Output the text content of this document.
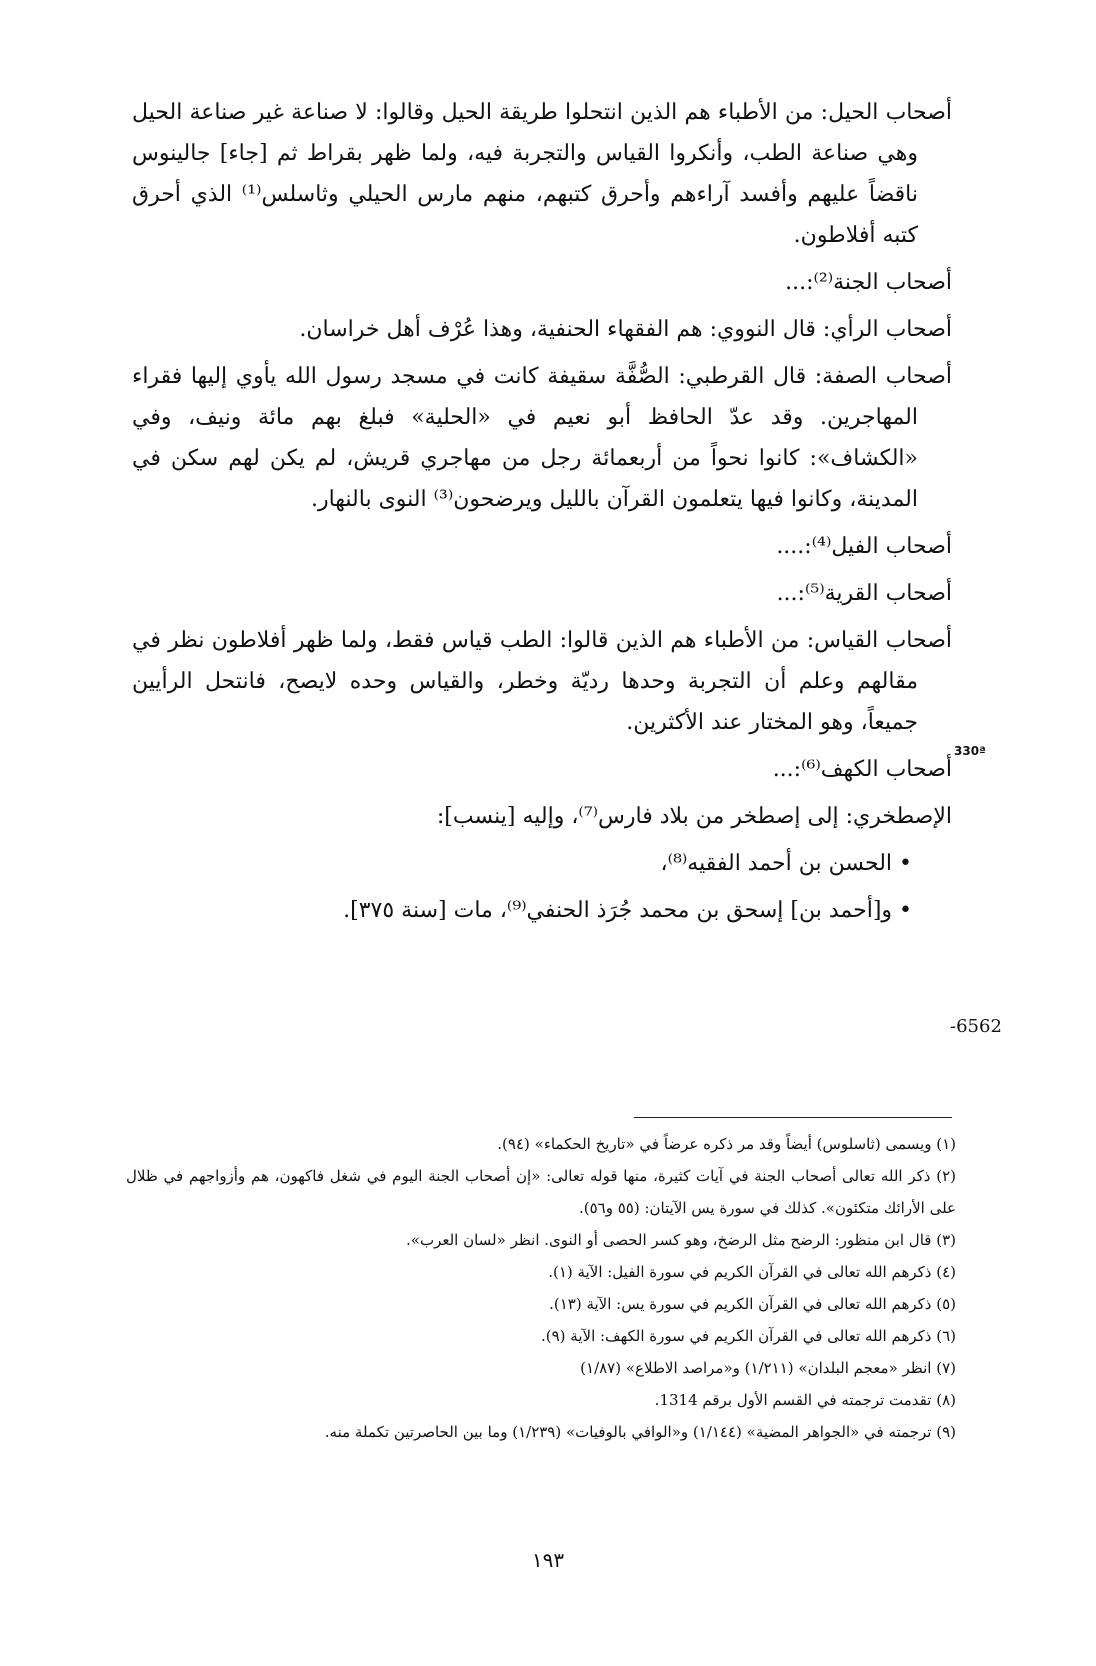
أصحاب الحيل: من الأطباء هم الذين انتحلوا طريقة الحيل وقالوا: لا صناعة غير صناعة الحيل وهي صناعة الطب، وأنكروا القياس والتجربة فيه، ولما ظهر بقراط ثم [جاء] جالينوس ناقضاً عليهم وأفسد آراءهم وأحرق كتبهم، منهم مارس الحيلي وثاسلس⁽¹⁾ الذي أحرق كتبه أفلاطون.

أصحاب الجنة⁽²⁾:...

أصحاب الرأي: قال النووي: هم الفقهاء الحنفية، وهذا عُرْف أهل خراسان.

أصحاب الصفة: قال القرطبي: الصُّفَّة سقيفة كانت في مسجد رسول الله يأوي إليها فقراء المهاجرين. وقد عدّ الحافظ أبو نعيم في «الحلية» فبلغ بهم مائة ونيف، وفي «الكشاف»: كانوا نحواً من أربعمائة رجل من مهاجري قريش، لم يكن لهم سكن في المدينة، وكانوا فيها يتعلمون القرآن بالليل ويرضحون⁽³⁾ النوى بالنهار.

أصحاب الفيل⁽⁴⁾:....

أصحاب القرية⁽⁵⁾:...

أصحاب القياس: من الأطباء هم الذين قالوا: الطب قياس فقط، ولما ظهر أفلاطون نظر في مقالهم وعلم أن التجربة وحدها رديّة وخطر، والقياس وحده لايصح، فانتحل الرأيين جميعاً، وهو المختار عند الأكثرين.

أصحاب الكهف⁽⁶⁾:...

الإصطخري: إلى إصطخر من بلاد فارس⁽⁷⁾، وإليه [ينسب]:

• الحسن بن أحمد الفقيه⁽⁸⁾،

• و[أحمد بن] إسحق بن محمد جُرَذ الحنفي⁽⁹⁾، مات [سنة ٣٧٥].

330ª
-6562

(١) ويسمى (ثاسلوس) أيضاً وقد مر ذكره عرضاً في «تاريخ الحكماء» (٩٤).

(٢) ذكر الله تعالى أصحاب الجنة في آيات كثيرة، منها قوله تعالى: «إن أصحاب الجنة اليوم في شغل فاكهون، هم وأزواجهم في ظلال على الأرائك متكئون». كذلك في سورة يس الآيتان: (٥٥ و٥٦).

(٣) قال ابن منظور: الرضح مثل الرضخ، وهو كسر الحصى أو النوى. انظر «لسان العرب».

(٤) ذكرهم الله تعالى في القرآن الكريم في سورة الفيل: الآية (١).

(٥) ذكرهم الله تعالى في القرآن الكريم في سورة يس: الآية (١٣).

(٦) ذكرهم الله تعالى في القرآن الكريم في سورة الكهف: الآية (٩).

(٧) انظر «معجم البلدان» (١/٢١١) و«مراصد الاطلاع» (١/٨٧)

(٨) تقدمت ترجمته في القسم الأول برقم 1314.

(٩) ترجمته في «الجواهر المضية» (١/١٤٤) و«الوافي بالوفيات» (١/٢٣٩) وما بين الحاصرتين تكملة منه.

١٩٣
